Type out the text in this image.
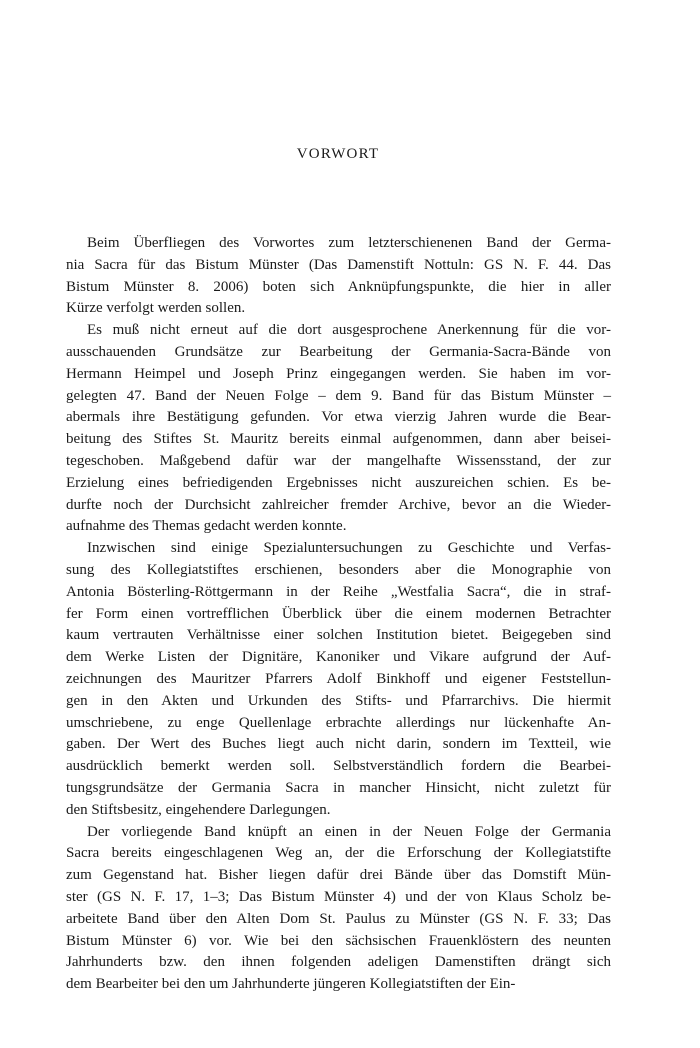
VORWORT
Beim Überfliegen des Vorwortes zum letzterschienenen Band der Germa-
nia Sacra für das Bistum Münster (Das Damenstift Nottuln: GS N. F. 44. Das
Bistum Münster 8. 2006) boten sich Anknüpfungspunkte, die hier in aller
Kürze verfolgt werden sollen.
Es muß nicht erneut auf die dort ausgesprochene Anerkennung für die vor-
ausschauenden Grundsätze zur Bearbeitung der Germania-Sacra-Bände von
Hermann Heimpel und Joseph Prinz eingegangen werden. Sie haben im vor-
gelegten 47. Band der Neuen Folge – dem 9. Band für das Bistum Münster –
abermals ihre Bestätigung gefunden. Vor etwa vierzig Jahren wurde die Bear-
beitung des Stiftes St. Mauritz bereits einmal aufgenommen, dann aber beisei-
tegeschoben. Maßgebend dafür war der mangelhafte Wissensstand, der zur
Erzielung eines befriedigenden Ergebnisses nicht auszureichen schien. Es be-
durfte noch der Durchsicht zahlreicher fremder Archive, bevor an die Wieder-
aufnahme des Themas gedacht werden konnte.
Inzwischen sind einige Spezialuntersuchungen zu Geschichte und Verfas-
sung des Kollegiatstiftes erschienen, besonders aber die Monographie von
Antonia Bösterling-Röttgermann in der Reihe „Westfalia Sacra“, die in straf-
fer Form einen vortrefflichen Überblick über die einem modernen Betrachter
kaum vertrauten Verhältnisse einer solchen Institution bietet. Beigegeben sind
dem Werke Listen der Dignitäre, Kanoniker und Vikare aufgrund der Auf-
zeichnungen des Mauritzer Pfarrers Adolf Binkhoff und eigener Feststellun-
gen in den Akten und Urkunden des Stifts- und Pfarrarchivs. Die hiermit
umschriebene, zu enge Quellenlage erbrachte allerdings nur lückenhafte An-
gaben. Der Wert des Buches liegt auch nicht darin, sondern im Textteil, wie
ausdrücklich bemerkt werden soll. Selbstverständlich fordern die Bearbei-
tungsgrundsätze der Germania Sacra in mancher Hinsicht, nicht zuletzt für
den Stiftsbesitz, eingehendere Darlegungen.
Der vorliegende Band knüpft an einen in der Neuen Folge der Germania
Sacra bereits eingeschlagenen Weg an, der die Erforschung der Kollegiatstifte
zum Gegenstand hat. Bisher liegen dafür drei Bände über das Domstift Mün-
ster (GS N. F. 17, 1–3; Das Bistum Münster 4) und der von Klaus Scholz be-
arbeitete Band über den Alten Dom St. Paulus zu Münster (GS N. F. 33; Das
Bistum Münster 6) vor. Wie bei den sächsischen Frauenklöstern des neunten
Jahrhunderts bzw. den ihnen folgenden adeligen Damenstiften drängt sich
dem Bearbeiter bei den um Jahrhunderte jüngeren Kollegiatstiften der Ein-
